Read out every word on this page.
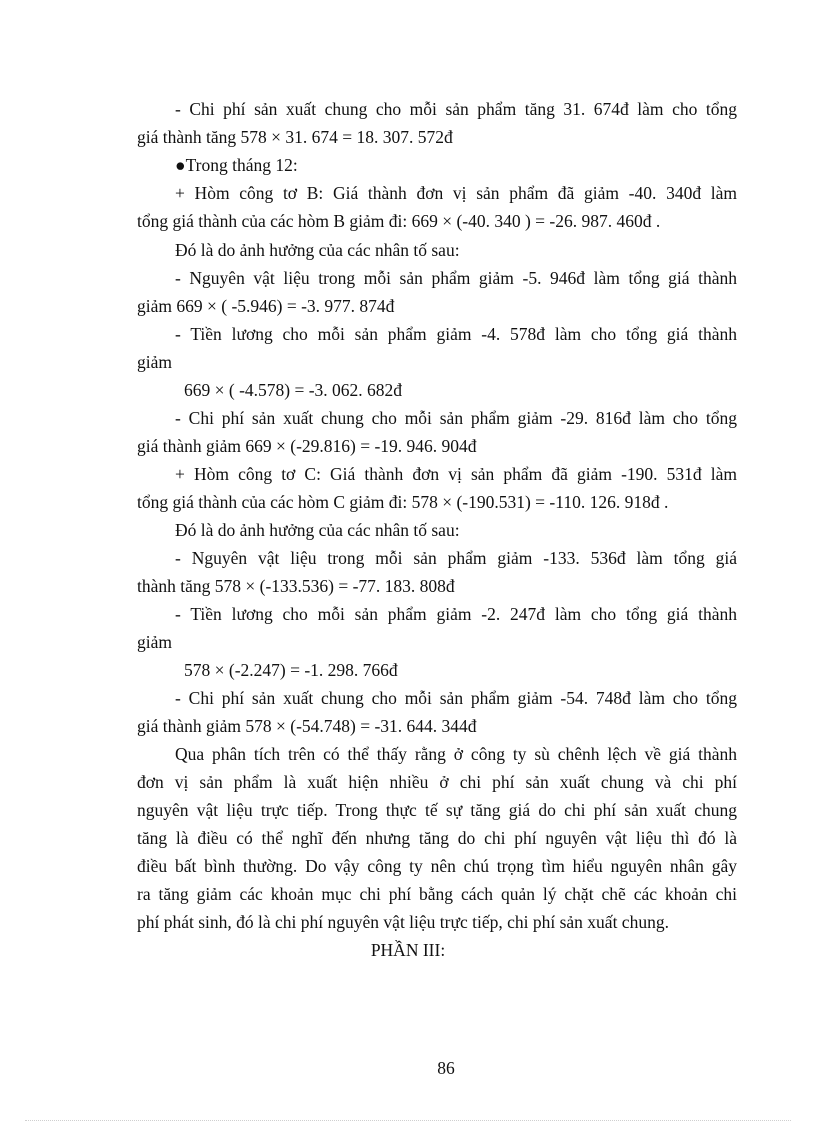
- Chi phí sản xuất chung cho mỗi sản phẩm tăng 31. 674đ làm cho tổng
giá thành tăng 578 × 31. 674 = 18. 307. 572đ
●Trong tháng 12:
+ Hòm công tơ B: Giá thành đơn vị sản phẩm đã giảm -40. 340đ làm
tổng giá thành của các hòm B giảm đi: 669 × (-40. 340 ) = -26. 987. 460đ .
Đó là do ảnh hưởng của các nhân tố sau:
- Nguyên vật liệu trong mỗi sản phẩm giảm -5. 946đ làm tổng giá thành
giảm 669 × ( -5.946) = -3. 977. 874đ
- Tiền lương cho mỗi sản phẩm giảm -4. 578đ làm cho tổng giá thành
giảm
669 × ( -4.578) = -3. 062. 682đ
- Chi phí sản xuất chung cho mỗi sản phẩm giảm -29. 816đ làm cho tổng
giá thành giảm 669 × (-29.816) = -19. 946. 904đ
+ Hòm công tơ C: Giá thành đơn vị sản phẩm đã giảm -190. 531đ làm
tổng giá thành của các hòm C giảm đi: 578 × (-190.531) = -110. 126. 918đ .
Đó là do ảnh hưởng của các nhân tố sau:
- Nguyên vật liệu trong mỗi sản phẩm giảm -133. 536đ làm tổng giá
thành tăng 578 × (-133.536) = -77. 183. 808đ
- Tiền lương cho mỗi sản phẩm giảm -2. 247đ làm cho tổng giá thành
giảm
578 × (-2.247) = -1. 298. 766đ
- Chi phí sản xuất chung cho mỗi sản phẩm giảm -54. 748đ làm cho tổng
giá thành giảm 578 × (-54.748) = -31. 644. 344đ
Qua phân tích trên có thể thấy rằng ở công ty sù chênh lệch về giá thành
đơn vị sản phẩm là xuất hiện nhiều ở chi phí sản xuất chung và chi phí
nguyên vật liệu trực tiếp. Trong thực tế sự tăng giá do chi phí sản xuất chung
tăng là điều có thể nghĩ đến nhưng tăng do chi phí nguyên vật liệu thì đó là
điều bất bình thường. Do vậy công ty nên chú trọng tìm hiểu nguyên nhân gây
ra tăng giảm các khoản mục chi phí bằng cách quản lý chặt chẽ các khoản chi
phí phát sinh, đó là chi phí nguyên vật liệu trực tiếp, chi phí sản xuất chung.
PHẦN III:
86
